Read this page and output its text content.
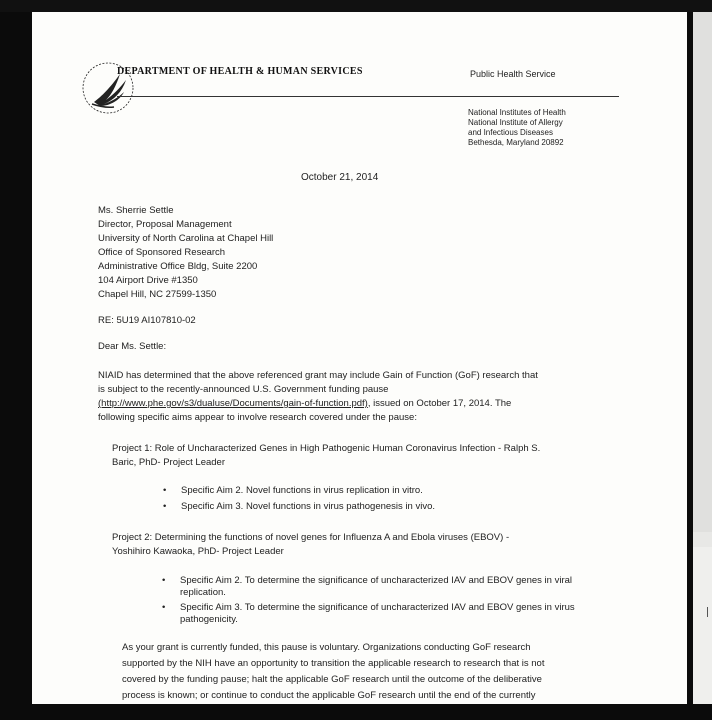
DEPARTMENT OF HEALTH & HUMAN SERVICES	Public Health Service
National Institutes of Health
National Institute of Allergy
and Infectious Diseases
Bethesda, Maryland 20892
October 21, 2014
Ms. Sherrie Settle
Director, Proposal Management
University of North Carolina at Chapel Hill
Office of Sponsored Research
Administrative Office Bldg, Suite 2200
104 Airport Drive #1350
Chapel Hill, NC 27599-1350
RE: 5U19 AI107810-02
Dear Ms. Settle:
NIAID has determined that the above referenced grant may include Gain of Function (GoF) research that
is subject to the recently-announced U.S. Government funding pause
(http://www.phe.gov/s3/dualuse/Documents/gain-of-function.pdf), issued on October 17, 2014. The
following specific aims appear to involve research covered under the pause:
Project 1: Role of Uncharacterized Genes in High Pathogenic Human Coronavirus Infection - Ralph S.
Baric, PhD- Project Leader
• Specific Aim 2. Novel functions in virus replication in vitro.
• Specific Aim 3. Novel functions in virus pathogenesis in vivo.
Project 2: Determining the functions of novel genes for Influenza A and Ebola viruses (EBOV) -
Yoshihiro Kawaoka, PhD- Project Leader
• Specific Aim 2. To determine the significance of uncharacterized IAV and EBOV genes in viral
replication.
• Specific Aim 3. To determine the significance of uncharacterized IAV and EBOV genes in virus
pathogenicity.
As your grant is currently funded, this pause is voluntary. Organizations conducting GoF research
supported by the NIH have an opportunity to transition the applicable research to research that is not
covered by the funding pause; halt the applicable GoF research until the outcome of the deliberative
process is known; or continue to conduct the applicable GoF research until the end of the currently
